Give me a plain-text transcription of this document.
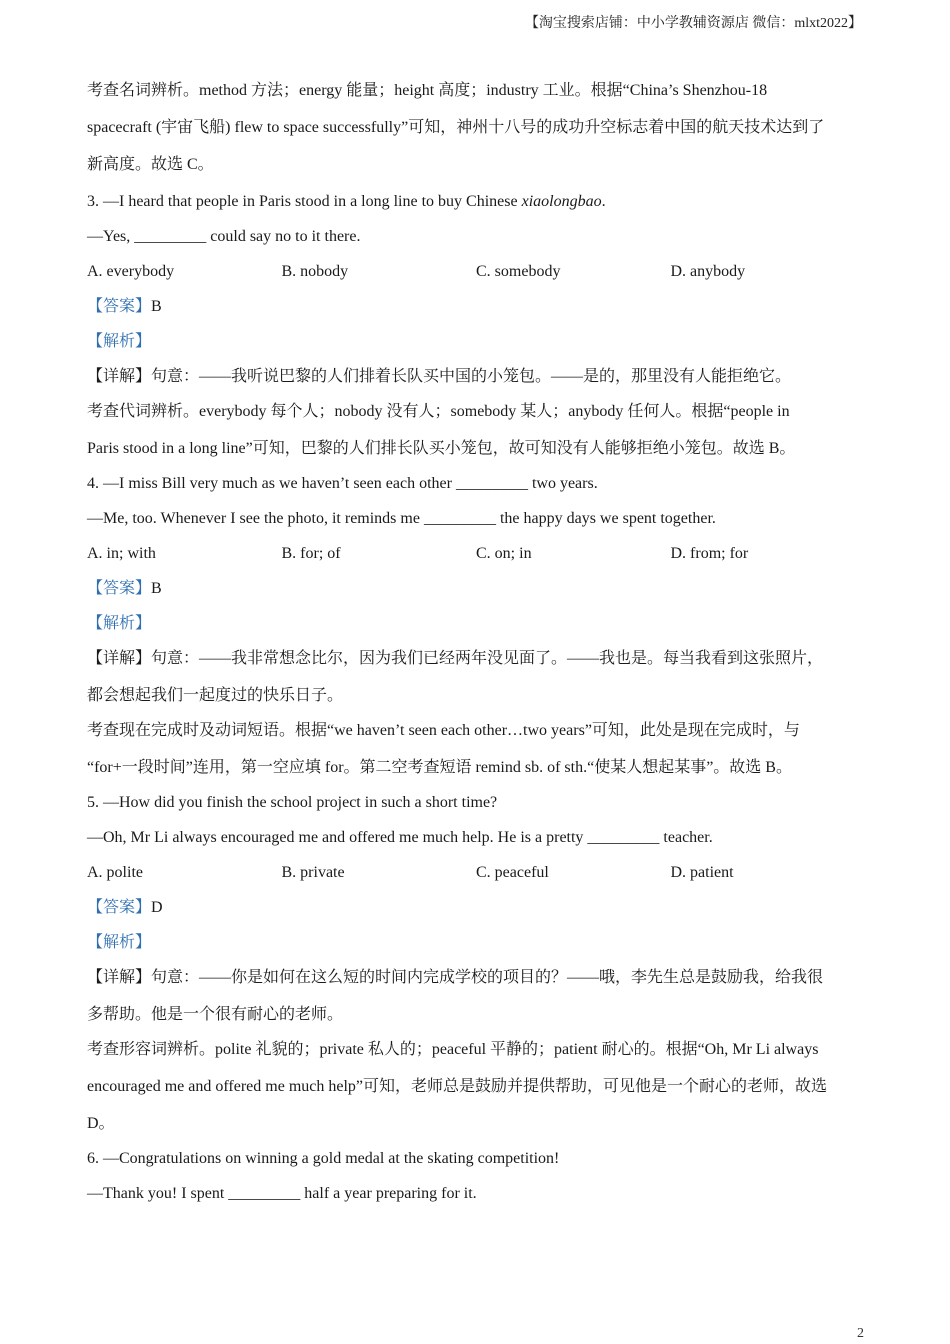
【淘宝搜索店铺：中小学教辅资源店 微信：mlxt2022】
考查名词辨析。method 方法；energy 能量；height 高度；industry 工业。根据“China’s Shenzhou-18
spacecraft (宇宙飞船) flew to space successfully”可知，神州十八号的成功升空标志着中国的航天技术达到了
新高度。故选 C。
3. —I heard that people in Paris stood in a long line to buy Chinese xiaolongbao.
—Yes, _________ could say no to it there.
A. everybody	B. nobody	C. somebody	D. anybody
【答案】B
【解析】
【详解】句意：——我听说巴黎的人们排着长队买中国的小笼包。——是的，那里没有人能拒绝它。
考查代词辨析。everybody 每个人；nobody 没有人；somebody 某人；anybody 任何人。根据“people in
Paris stood in a long line”可知，巴黎的人们排长队买小笼包，故可知没有人能够拒绝小笼包。故选 B。
4. —I miss Bill very much as we haven’t seen each other _________ two years.
—Me, too. Whenever I see the photo, it reminds me _________ the happy days we spent together.
A. in; with	B. for; of	C. on; in	D. from; for
【答案】B
【解析】
【详解】句意：——我非常想念比尔，因为我们已经两年没见面了。——我也是。每当我看到这张照片，
都会想起我们一起度过的快乐日子。
考查现在完成时及动词短语。根据“we haven’t seen each other…two years”可知，此处是现在完成时，与
“for+一段时间”连用，第一空应填 for。第二空考查短语 remind sb. of sth.“使某人想起某事”。故选 B。
5. —How did you finish the school project in such a short time?
—Oh, Mr Li always encouraged me and offered me much help. He is a pretty _________ teacher.
A. polite	B. private	C. peaceful	D. patient
【答案】D
【解析】
【详解】句意：——你是如何在这么短的时间内完成学校的项目的？——哦，李先生总是鼓励我，给我很
多帮助。他是一个很有耐心的老师。
考查形容词辨析。polite 礼貌的；private 私人的；peaceful 平静的；patient 耐心的。根据“Oh, Mr Li always
encouraged me and offered me much help”可知，老师总是鼓励并提供帮助，可见他是一个耐心的老师，故选
D。
6. —Congratulations on winning a gold medal at the skating competition!
—Thank you! I spent _________ half a year preparing for it.
2
